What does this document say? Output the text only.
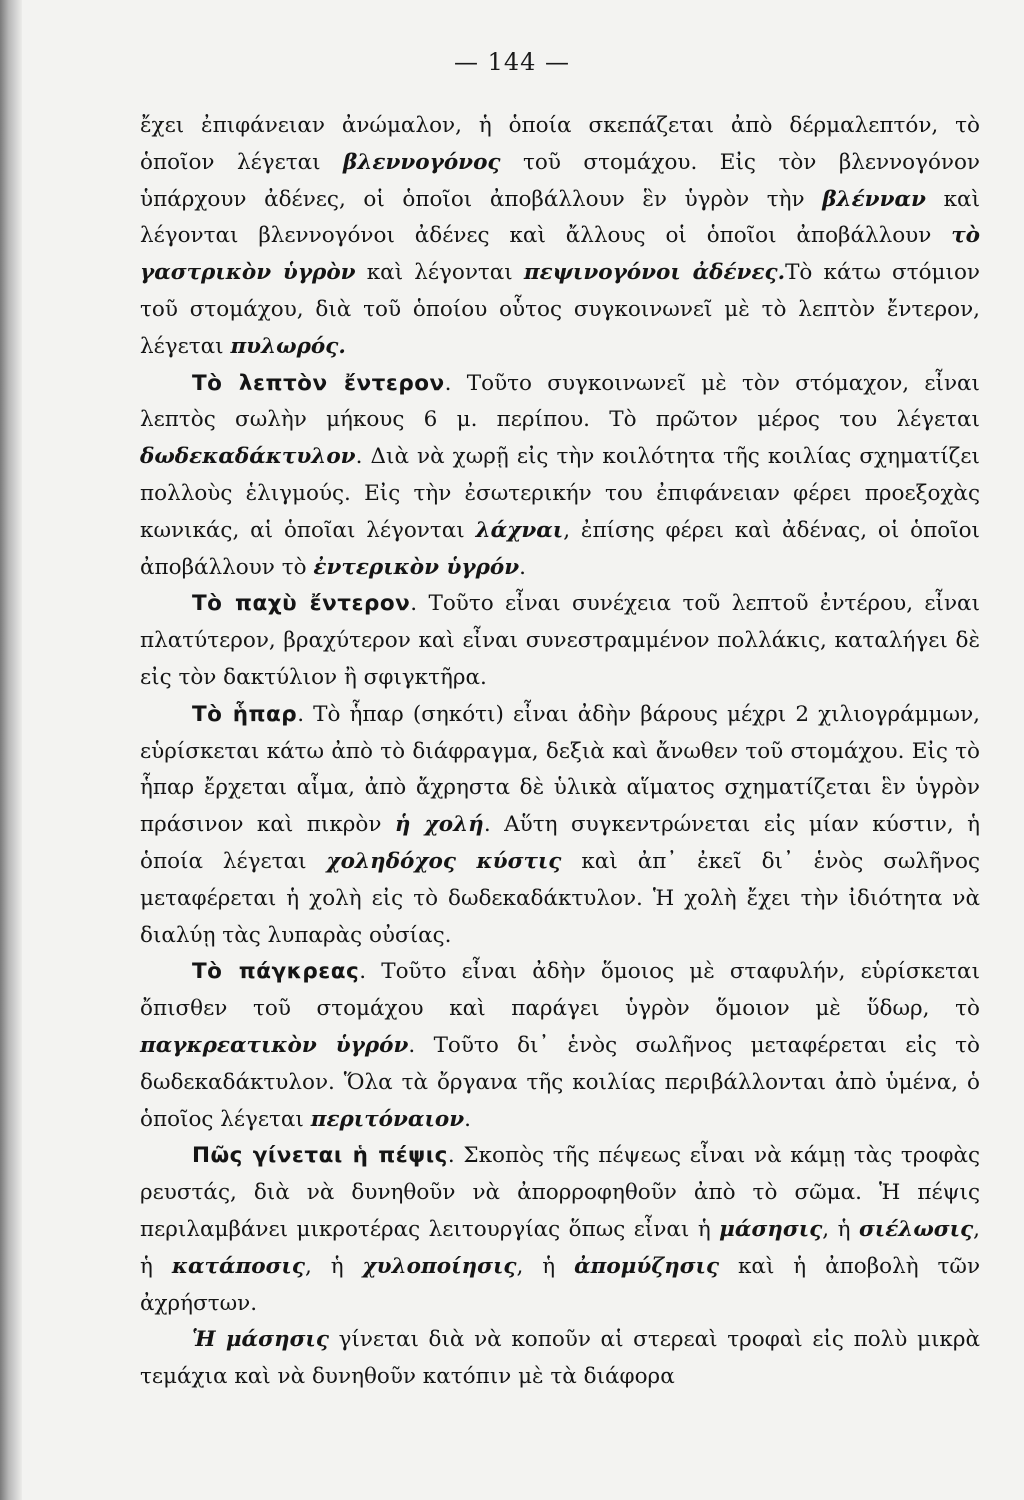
— 144 —

ἔχει ἐπιφάνειαν ἀνώμαλον, ἡ ὁποία σκεπάζεται ἀπὸ δέρμαλεπτόν, τὸ ὁποῖον λέγεται βλεννογόνος τοῦ στομάχου. Εἰς τὸν βλεννογόνον ὑπάρχουν ἀδένες, οἱ ὁποῖοι ἀποβάλλουν ἓν ὑγρὸν τὴν βλένναν καὶ λέγονται βλεννογόνοι ἀδένες καὶ ἄλλους οἱ ὁποῖοι ἀποβάλλουν τὸ γαστρικὸν ὑγρὸν καὶ λέγονται πεψινογόνοι ἀδένες.Τὸ κάτω στόμιον τοῦ στομάχου, διὰ τοῦ ὁποίου οὗτος συγκοινωνεῖ μὲ τὸ λεπτὸν ἔντερον, λέγεται πυλωρός.

Τὸ λεπτὸν ἔντερον. Τοῦτο συγκοινωνεῖ μὲ τὸν στόμαχον, εἶναι λεπτὸς σωλὴν μήκους 6 μ. περίπου. Τὸ πρῶτον μέρος του λέγεται δωδεκαδάκτυλον. Διὰ νὰ χωρῇ εἰς τὴν κοιλότητα τῆς κοιλίας σχηματίζει πολλοὺς ἑλιγμούς. Εἰς τὴν ἐσωτερικήν του ἐπιφάνειαν φέρει προεξοχὰς κωνικάς, αἱ ὁποῖαι λέγονται λάχναι, ἐπίσης φέρει καὶ ἀδένας, οἱ ὁποῖοι ἀποβάλλουν τὸ ἐντερικὸν ὑγρόν.

Τὸ παχὺ ἔντερον. Τοῦτο εἶναι συνέχεια τοῦ λεπτοῦ ἐντέρου, εἶναι πλατύτερον, βραχύτερον καὶ εἶναι συνεστραμμένον πολλάκις, καταλήγει δὲ εἰς τὸν δακτύλιον ἢ σφιγκτῆρα.

Τὸ ἧπαρ. Τὸ ἧπαρ (σηκότι) εἶναι ἀδὴν βάρους μέχρι 2 χιλιογράμμων, εὑρίσκεται κάτω ἀπὸ τὸ διάφραγμα, δεξιὰ καὶ ἄνωθεν τοῦ στομάχου. Εἰς τὸ ἧπαρ ἔρχεται αἷμα, ἀπὸ ἄχρηστα δὲ ὑλικὰ αἵματος σχηματίζεται ἓν ὑγρὸν πράσινον καὶ πικρὸν ἡ χολή. Αὕτη συγκεντρώνεται εἰς μίαν κύστιν, ἡ ὁποία λέγεται χοληδόχος κύστις καὶ ἀπ᾿ ἐκεῖ δι᾿ ἑνὸς σωλῆνος μεταφέρεται ἡ χολὴ εἰς τὸ δωδεκαδάκτυλον. Ἡ χολὴ ἔχει τὴν ἰδιότητα νὰ διαλύῃ τὰς λυπαρὰς οὐσίας.

Τὸ πάγκρεας. Τοῦτο εἶναι ἀδὴν ὅμοιος μὲ σταφυλήν, εὑρίσκεται ὄπισθεν τοῦ στομάχου καὶ παράγει ὑγρὸν ὅμοιον μὲ ὕδωρ, τὸ παγκρεατικὸν ὑγρόν. Τοῦτο δι᾿ ἑνὸς σωλῆνος μεταφέρεται εἰς τὸ δωδεκαδάκτυλον. Ὅλα τὰ ὄργανα τῆς κοιλίας περιβάλλονται ἀπὸ ὑμένα, ὁ ὁποῖος λέγεται περιτόναιον.

Πῶς γίνεται ἡ πέψις. Σκοπὸς τῆς πέψεως εἶναι νὰ κάμῃ τὰς τροφὰς ρευστάς, διὰ νὰ δυνηθοῦν νὰ ἀπορροφηθοῦν ἀπὸ τὸ σῶμα. Ἡ πέψις περιλαμβάνει μικροτέρας λειτουργίας ὅπως εἶναι ἡ μάσησις, ἡ σιέλωσις, ἡ κατάποσις, ἡ χυλοποίησις, ἡ ἀπομύζησις καὶ ἡ ἀποβολὴ τῶν ἀχρήστων.

Ἡ μάσησις γίνεται διὰ νὰ κοποῦν αἱ στερεαὶ τροφαὶ εἰς πολὺ μικρὰ τεμάχια καὶ νὰ δυνηθοῦν κατόπιν μὲ τὰ διάφορα
